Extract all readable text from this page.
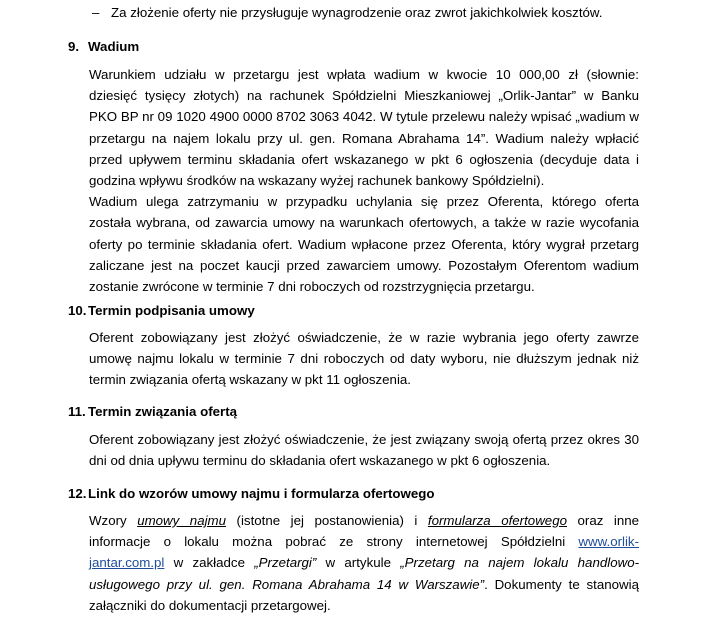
– Za złożenie oferty nie przysługuje wynagrodzenie oraz zwrot jakichkolwiek kosztów.
9. Wadium
Warunkiem udziału w przetargu jest wpłata wadium w kwocie 10 000,00 zł (słownie:
dziesięć tysięcy złotych) na rachunek Spółdzielni Mieszkaniowej „Orlik-Jantar” w Banku
PKO BP nr 09 1020 4900 0000 8702 3063 4042. W tytule przelewu należy wpisać „wadium w
przetargu na najem lokalu przy ul. gen. Romana Abrahama 14”. Wadium należy wpłacić
przed upływem terminu składania ofert wskazanego w pkt 6 ogłoszenia (decyduje data i
godzina wpływu środków na wskazany wyżej rachunek bankowy Spółdzielni).
Wadium ulega zatrzymaniu w przypadku uchylania się przez Oferenta, którego oferta
została wybrana, od zawarcia umowy na warunkach ofertowych, a także w razie wycofania
oferty po terminie składania ofert. Wadium wpłacone przez Oferenta, który wygrał przetarg
zaliczane jest na poczet kaucji przed zawarciem umowy. Pozostałym Oferentom wadium
zostanie zwrócone w terminie 7 dni roboczych od rozstrzygnięcia przetargu.
10. Termin podpisania umowy
Oferent zobowiązany jest złożyć oświadczenie, że w razie wybrania jego oferty zawrze
umowę najmu lokalu w terminie 7 dni roboczych od daty wyboru, nie dłuższym jednak niż
termin związania ofertą wskazany w pkt 11 ogłoszenia.
11. Termin związania ofertą
Oferent zobowiązany jest złożyć oświadczenie, że jest związany swoją ofertą przez okres 30
dni od dnia upływu terminu do składania ofert wskazanego w pkt 6 ogłoszenia.
12. Link do wzorów umowy najmu i formularza ofertowego
Wzory umowy najmu (istotne jej postanowienia) i formularza ofertowego oraz inne
informacje o lokalu można pobrać ze strony internetowej Spółdzielni www.orlik-
jantar.com.pl w zakładce „Przetargi” w artykule „Przetarg na najem lokalu handlowo-
usługowego przy ul. gen. Romana Abrahama 14 w Warszawie”. Dokumenty te stanowią
załączniki do dokumentacji przetargowej.
